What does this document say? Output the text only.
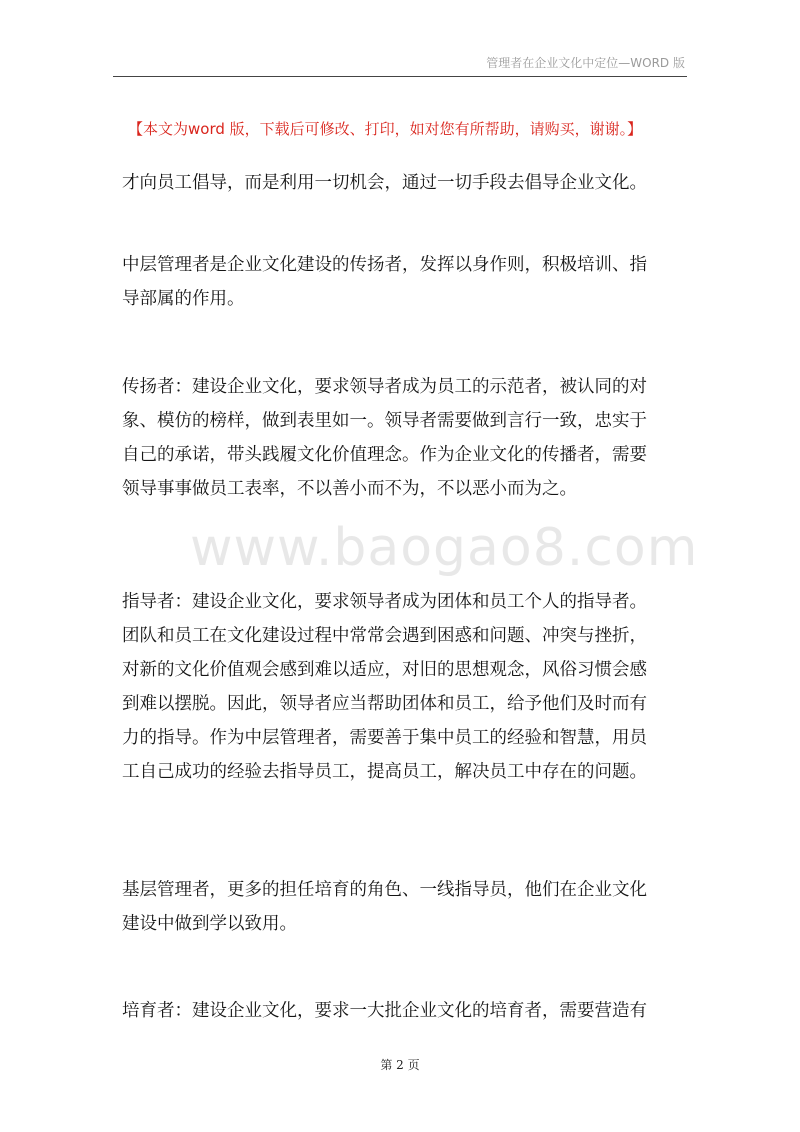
管理者在企业文化中定位—WORD 版
【本文为word 版，下载后可修改、打印，如对您有所帮助，请购买，谢谢。】
www.baogao8.com

才向员工倡导，而是利用一切机会，通过一切手段去倡导企业文化。

中层管理者是企业文化建设的传扬者，发挥以身作则，积极培训、指
导部属的作用。

传扬者：建设企业文化，要求领导者成为员工的示范者，被认同的对
象、模仿的榜样，做到表里如一。领导者需要做到言行一致，忠实于
自己的承诺，带头践履文化价值理念。作为企业文化的传播者，需要
领导事事做员工表率，不以善小而不为，不以恶小而为之。

指导者：建设企业文化，要求领导者成为团体和员工个人的指导者。
团队和员工在文化建设过程中常常会遇到困惑和问题、冲突与挫折，
对新的文化价值观会感到难以适应，对旧的思想观念，风俗习惯会感
到难以摆脱。因此，领导者应当帮助团体和员工，给予他们及时而有
力的指导。作为中层管理者，需要善于集中员工的经验和智慧，用员
工自己成功的经验去指导员工，提高员工，解决员工中存在的问题。

基层管理者，更多的担任培育的角色、一线指导员，他们在企业文化
建设中做到学以致用。

培育者：建设企业文化，要求一大批企业文化的培育者，需要营造有

第 2 页
